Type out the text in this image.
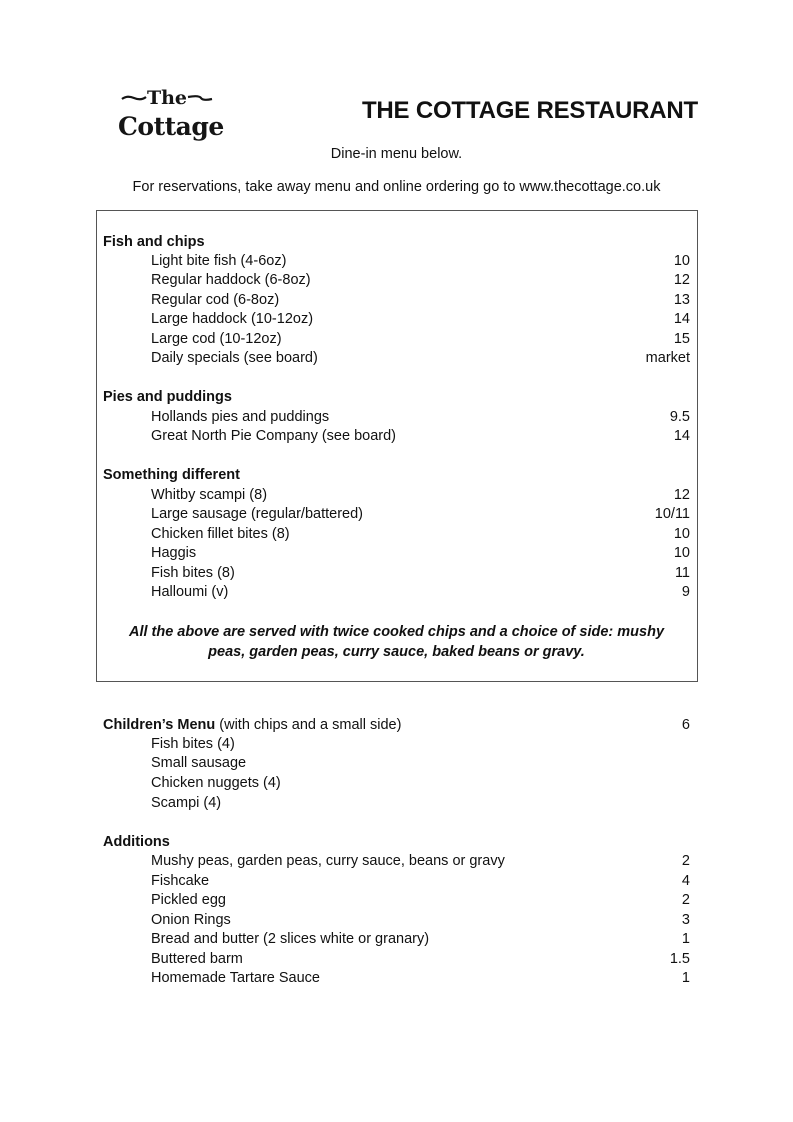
The
Cottage
THE COTTAGE RESTAURANT
Dine-in menu below.
For reservations, take away menu and online ordering go to www.thecottage.co.uk
Fish and chips
Light bite fish (4-6oz)	10
Regular haddock (6-8oz)	12
Regular cod (6-8oz)	13
Large haddock (10-12oz)	14
Large cod (10-12oz)	15
Daily specials (see board)	market
Pies and puddings
Hollands pies and puddings	9.5
Great North Pie Company (see board)	14
Something different
Whitby scampi (8)	12
Large sausage (regular/battered)	10/11
Chicken fillet bites (8)	10
Haggis	10
Fish bites (8)	11
Halloumi (v)	9
All the above are served with twice cooked chips and a choice of side: mushy
peas, garden peas, curry sauce, baked beans or gravy.
Children’s Menu (with chips and a small side)	6
Fish bites (4)
Small sausage
Chicken nuggets (4)
Scampi (4)
Additions
Mushy peas, garden peas, curry sauce, beans or gravy	2
Fishcake	4
Pickled egg	2
Onion Rings	3
Bread and butter (2 slices white or granary)	1
Buttered barm	1.5
Homemade Tartare Sauce	1
